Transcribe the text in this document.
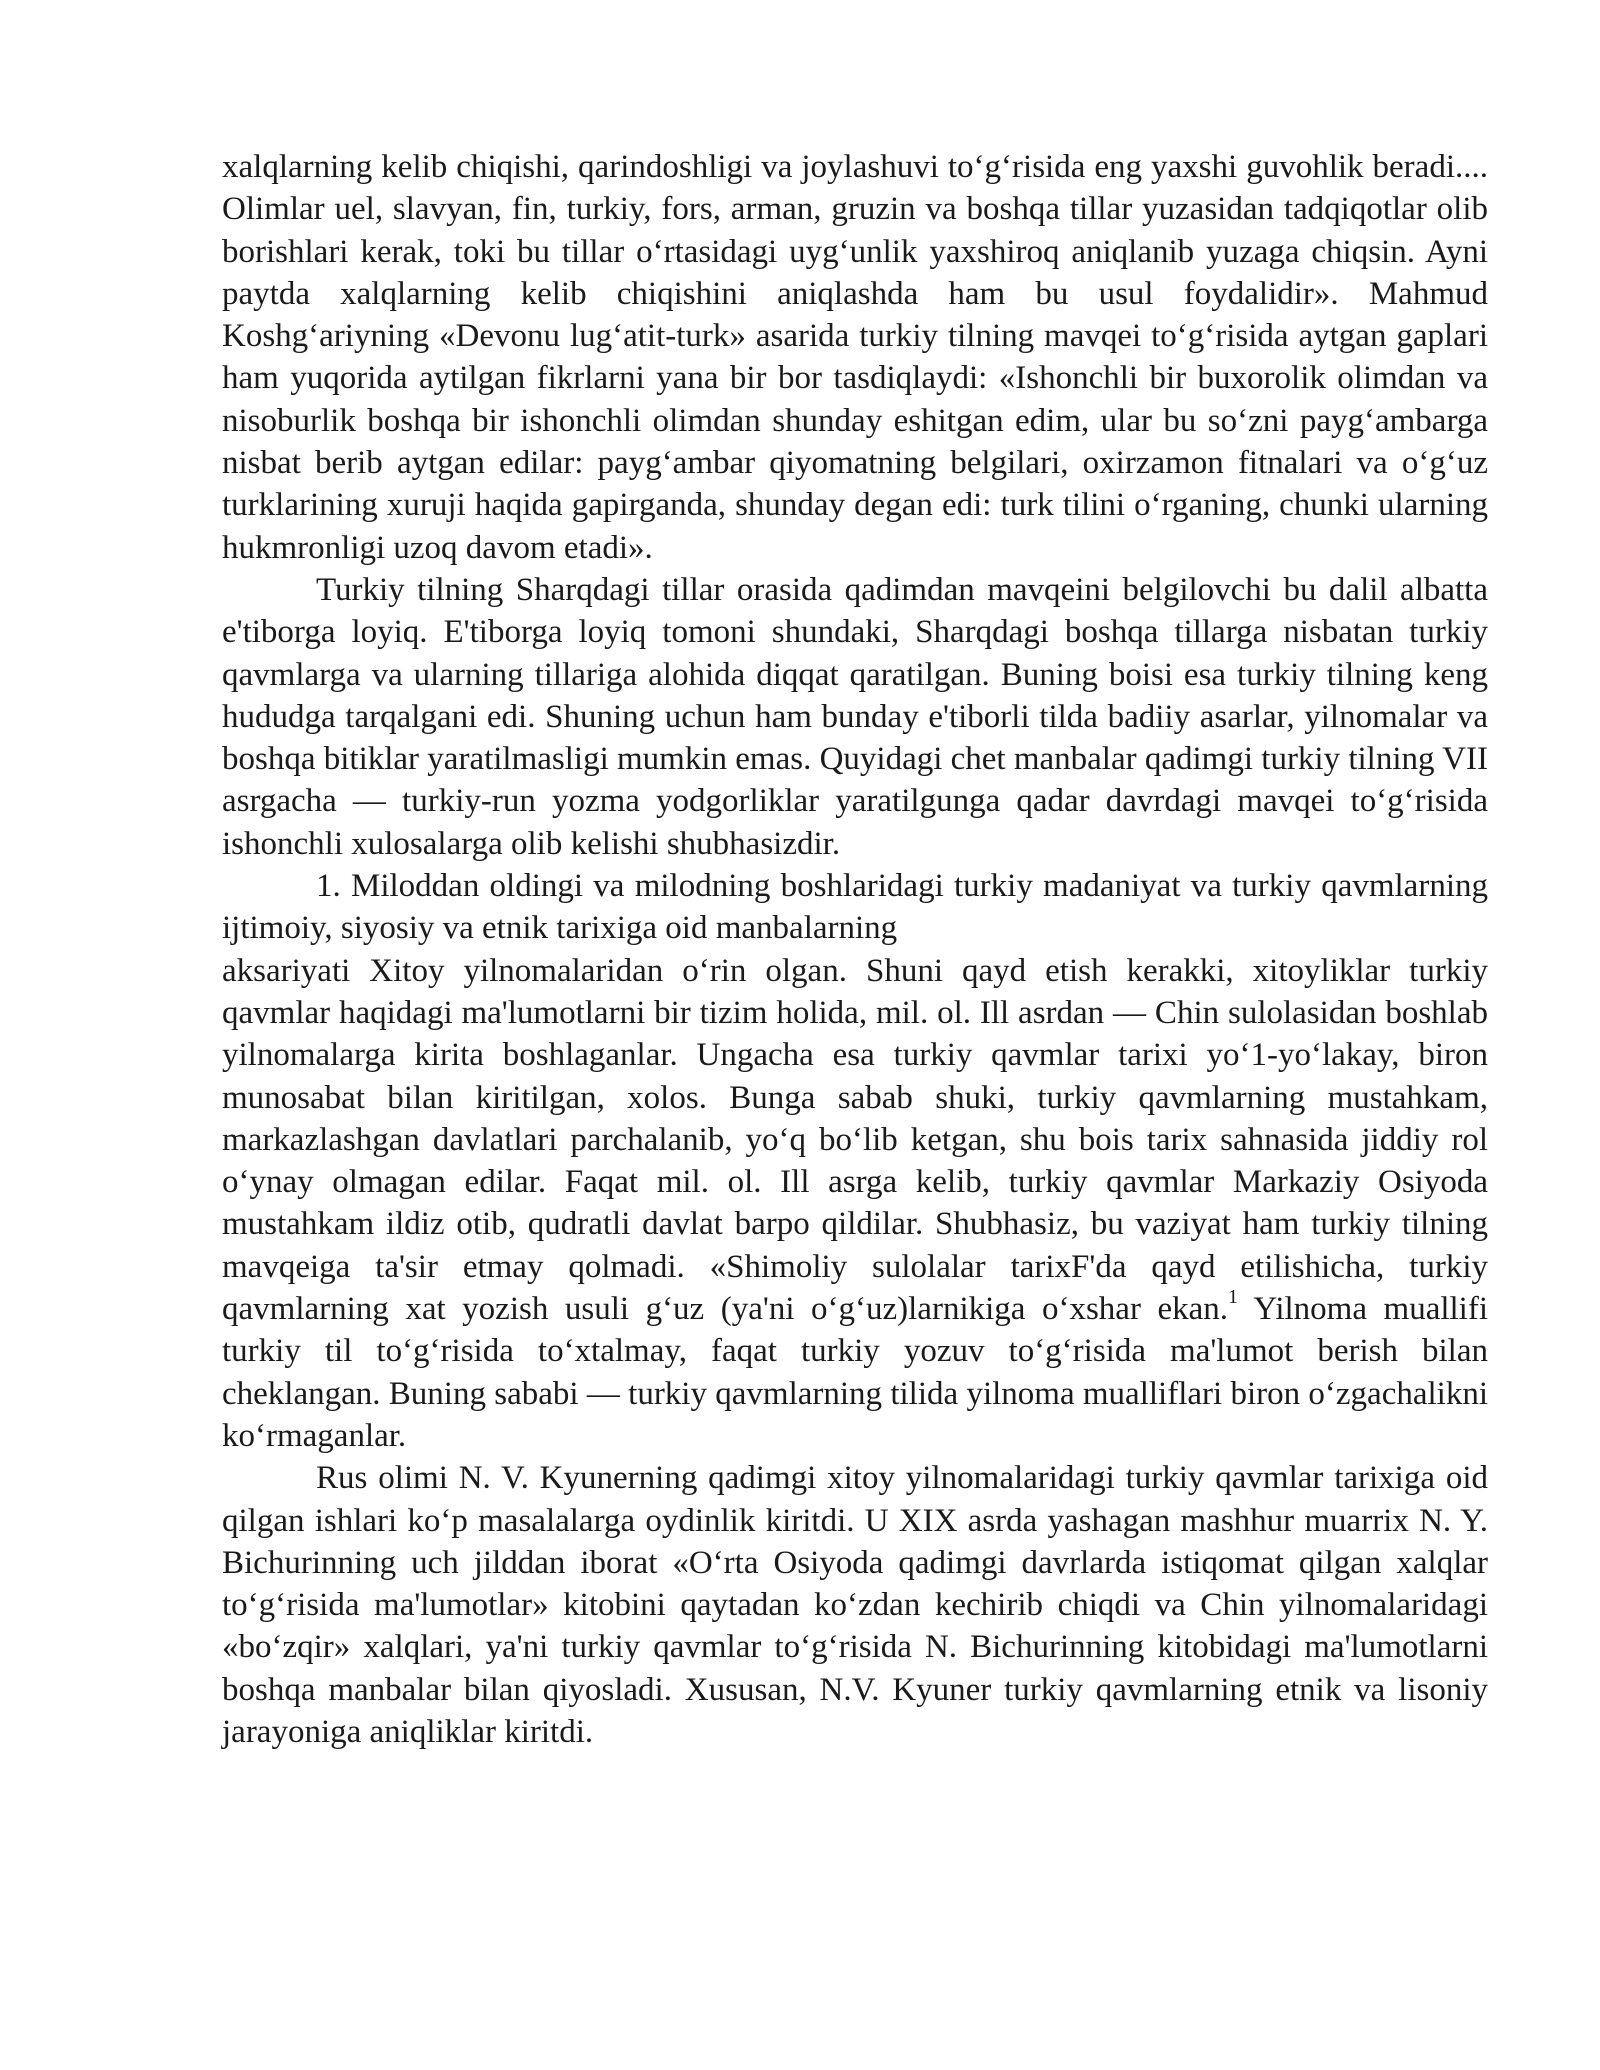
xalqlarning kelib chiqishi, qarindoshligi va joylashuvi to‘g‘risida eng yaxshi guvohlik beradi.... Olimlar uel, slavyan, fin, turkiy, fors, arman, gruzin va boshqa tillar yuzasidan tadqiqotlar olib borishlari kerak, toki bu tillar o‘rtasidagi uyg‘unlik yaxshiroq aniqlanib yuzaga chiqsin. Ayni paytda xalqlarning kelib chiqishini aniqlashda ham bu usul foydalidir». Mahmud Koshg‘ariyning «Devonu lug‘atit-turk» asarida turkiy tilning mavqei to‘g‘risida aytgan gaplari ham yuqorida aytilgan fikrlarni yana bir bor tasdiqlaydi: «Ishonchli bir buxorolik olimdan va nisoburlik boshqa bir ishonchli olimdan shunday eshitgan edim, ular bu so‘zni payg‘ambarga nisbat berib aytgan edilar: payg‘ambar qiyomatning belgilari, oxirzamon fitnalari va o‘g‘uz turklarining xuruji haqida gapirganda, shunday degan edi: turk tilini o‘rganing, chunki ularning hukmronligi uzoq davom etadi».

Turkiy tilning Sharqdagi tillar orasida qadimdan mavqeini belgilovchi bu dalil albatta e'tiborga loyiq. E'tiborga loyiq tomoni shundaki, Sharqdagi boshqa tillarga nisbatan turkiy qavmlarga va ularning tillariga alohida diqqat qaratilgan. Buning boisi esa turkiy tilning keng hududga tarqalgani edi. Shuning uchun ham bunday e'tiborli tilda badiiy asarlar, yilnomalar va boshqa bitiklar yaratilmasligi mumkin emas. Quyidagi chet manbalar qadimgi turkiy tilning VII asrgacha — turkiy-run yozma yodgorliklar yaratilgunga qadar davrdagi mavqei to‘g‘risida ishonchli xulosalarga olib kelishi shubhasizdir.

1. Miloddan oldingi va milodning boshlaridagi turkiy madaniyat va turkiy qavmlarning ijtimoiy, siyosiy va etnik tarixiga oid manbalarning

aksariyati Xitoy yilnomalaridan o‘rin olgan. Shuni qayd etish kerakki, xitoyliklar turkiy qavmlar haqidagi ma'lumotlarni bir tizim holida, mil. ol. Ill asrdan — Chin sulolasidan boshlab yilnomalarga kirita boshlaganlar. Ungacha esa turkiy qavmlar tarixi yo‘1-yo‘lakay, biron munosabat bilan kiritilgan, xolos. Bunga sabab shuki, turkiy qavmlarning mustahkam, markazlashgan davlatlari parchalanib, yo‘q bo‘lib ketgan, shu bois tarix sahnasida jiddiy rol o‘ynay olmagan edilar. Faqat mil. ol. Ill asrga kelib, turkiy qavmlar Markaziy Osiyoda mustahkam ildiz otib, qudratli davlat barpo qildilar. Shubhasiz, bu vaziyat ham turkiy tilning mavqeiga ta'sir etmay qolmadi. «Shimoliy sulolalar tarixF'da qayd etilishicha, turkiy qavmlarning xat yozish usuli g‘uz (ya'ni o‘g‘uz)larnikiga o‘xshar ekan.$^1$ Yilnoma muallifi turkiy til to‘g‘risida to‘xtalmay, faqat turkiy yozuv to‘g‘risida ma'lumot berish bilan cheklangan. Buning sababi — turkiy qavmlarning tilida yilnoma mualliflari biron o‘zgachalikni ko‘rmaganlar.

Rus olimi N. V. Kyunerning qadimgi xitoy yilnomalaridagi turkiy qavmlar tarixiga oid qilgan ishlari ko‘p masalalarga oydinlik kiritdi. U XIX asrda yashagan mashhur muarrix N. Y. Bichurinning uch jilddan iborat «O‘rta Osiyoda qadimgi davrlarda istiqomat qilgan xalqlar to‘g‘risida ma'lumotlar» kitobini qaytadan ko‘zdan kechirib chiqdi va Chin yilnomalaridagi «bo‘zqir» xalqlari, ya'ni turkiy qavmlar to‘g‘risida N. Bichurinning kitobidagi ma'lumotlarni boshqa manbalar bilan qiyosladi. Xususan, N.V. Kyuner turkiy qavmlarning etnik va lisoniy jarayoniga aniqliklar kiritdi.
